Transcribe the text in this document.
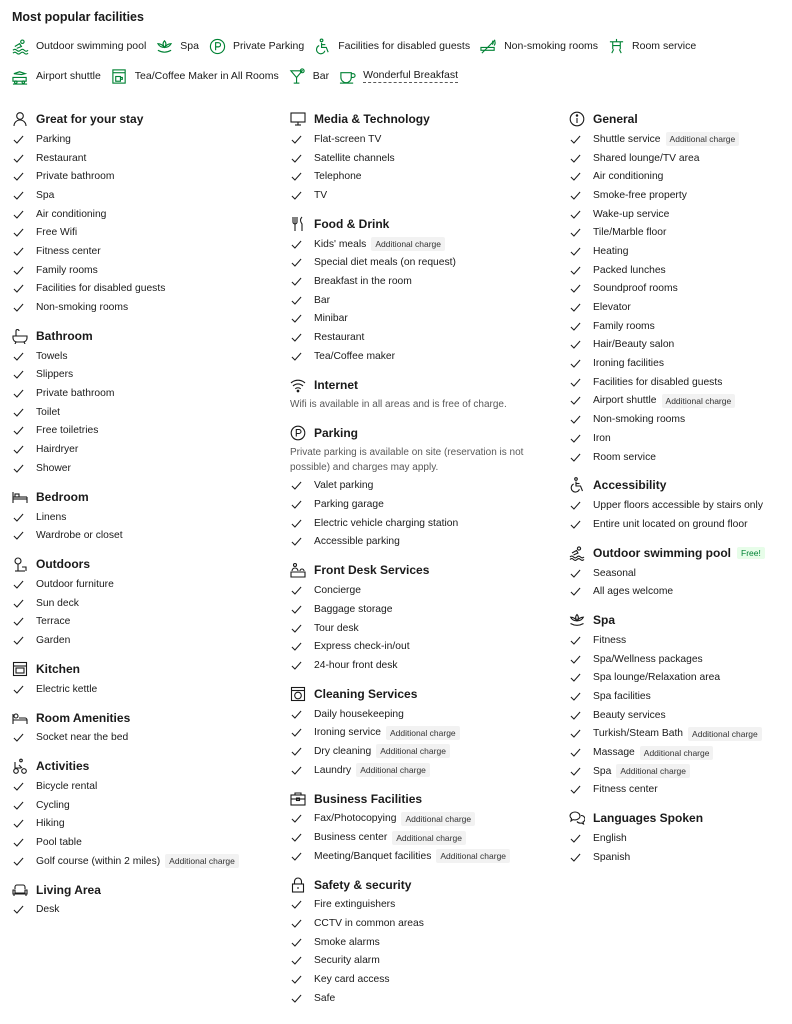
Most popular facilities
Outdoor swimming pool	Spa	Private Parking	Facilities for disabled guests	Non-smoking rooms	Room service
Airport shuttle	Tea/Coffee Maker in All Rooms	Bar	Wonderful Breakfast
Great for your stay
Parking
Restaurant
Private bathroom
Spa
Air conditioning
Free Wifi
Fitness center
Family rooms
Facilities for disabled guests
Non-smoking rooms
Bathroom
Towels
Slippers
Private bathroom
Toilet
Free toiletries
Hairdryer
Shower
Bedroom
Linens
Wardrobe or closet
Outdoors
Outdoor furniture
Sun deck
Terrace
Garden
Kitchen
Electric kettle
Room Amenities
Socket near the bed
Activities
Bicycle rental
Cycling
Hiking
Pool table
Golf course (within 2 miles)	Additional charge
Living Area
Desk
Media & Technology
Flat-screen TV
Satellite channels
Telephone
TV
Food & Drink
Kids' meals	Additional charge
Special diet meals (on request)
Breakfast in the room
Bar
Minibar
Restaurant
Tea/Coffee maker
Internet
Wifi is available in all areas and is free of charge.
Parking
Private parking is available on site (reservation is not possible) and charges may apply.
Valet parking
Parking garage
Electric vehicle charging station
Accessible parking
Front Desk Services
Concierge
Baggage storage
Tour desk
Express check-in/out
24-hour front desk
Cleaning Services
Daily housekeeping
Ironing service	Additional charge
Dry cleaning	Additional charge
Laundry	Additional charge
Business Facilities
Fax/Photocopying	Additional charge
Business center	Additional charge
Meeting/Banquet facilities	Additional charge
Safety & security
Fire extinguishers
CCTV in common areas
Smoke alarms
Security alarm
Key card access
Safe
General
Shuttle service	Additional charge
Shared lounge/TV area
Air conditioning
Smoke-free property
Wake-up service
Tile/Marble floor
Heating
Packed lunches
Soundproof rooms
Elevator
Family rooms
Hair/Beauty salon
Ironing facilities
Facilities for disabled guests
Airport shuttle	Additional charge
Non-smoking rooms
Iron
Room service
Accessibility
Upper floors accessible by stairs only
Entire unit located on ground floor
Outdoor swimming pool	Free!
Seasonal
All ages welcome
Spa
Fitness
Spa/Wellness packages
Spa lounge/Relaxation area
Spa facilities
Beauty services
Turkish/Steam Bath	Additional charge
Massage	Additional charge
Spa	Additional charge
Fitness center
Languages Spoken
English
Spanish
